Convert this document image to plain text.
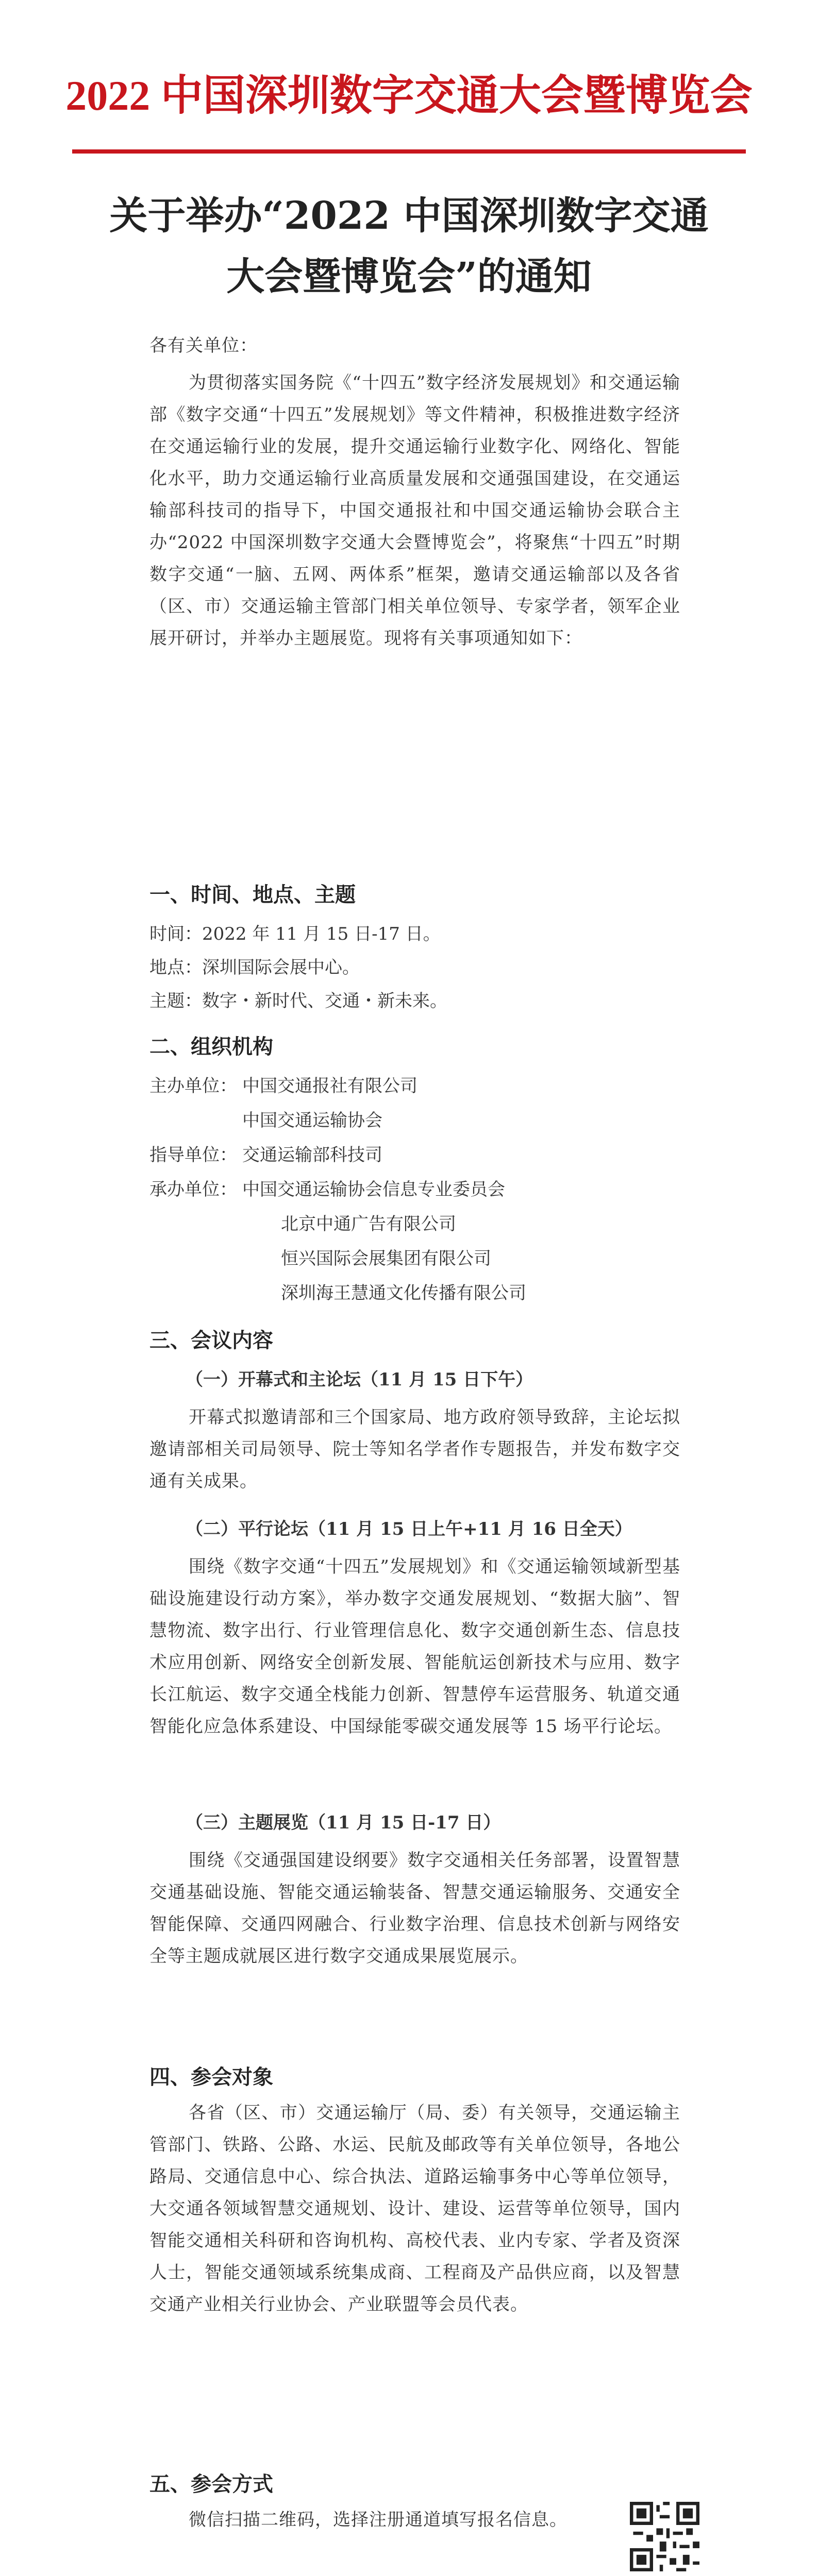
2022 中国深圳数字交通大会暨博览会
关于举办“2022 中国深圳数字交通
大会暨博览会”的通知
各有关单位：
为贯彻落实国务院《“十四五”数字经济发展规划》和交通运输部《数字交通“十四五”发展规划》等文件精神，积极推进数字经济在交通运输行业的发展，提升交通运输行业数字化、网络化、智能化水平，助力交通运输行业高质量发展和交通强国建设，在交通运输部科技司的指导下，中国交通报社和中国交通运输协会联合主办“2022 中国深圳数字交通大会暨博览会”，将聚焦“十四五”时期数字交通“一脑、五网、两体系”框架，邀请交通运输部以及各省（区、市）交通运输主管部门相关单位领导、专家学者，领军企业展开研讨，并举办主题展览。现将有关事项通知如下：
一、时间、地点、主题
时间：2022 年 11 月 15 日-17 日。
地点：深圳国际会展中心。
主题：数字・新时代、交通・新未来。
二、组织机构
主办单位： 中国交通报社有限公司
中国交通运输协会
指导单位： 交通运输部科技司
承办单位： 中国交通运输协会信息专业委员会
北京中通广告有限公司
恒兴国际会展集团有限公司
深圳海王慧通文化传播有限公司
三、会议内容
（一）开幕式和主论坛（11 月 15 日下午）
开幕式拟邀请部和三个国家局、地方政府领导致辞，主论坛拟邀请部相关司局领导、院士等知名学者作专题报告，并发布数字交通有关成果。
（二）平行论坛（11 月 15 日上午+11 月 16 日全天）
围绕《数字交通“十四五”发展规划》和《交通运输领域新型基础设施建设行动方案》，举办数字交通发展规划、“数据大脑”、智慧物流、数字出行、行业管理信息化、数字交通创新生态、信息技术应用创新、网络安全创新发展、智能航运创新技术与应用、数字长江航运、数字交通全栈能力创新、智慧停车运营服务、轨道交通智能化应急体系建设、中国绿能零碳交通发展等 15 场平行论坛。
（三）主题展览（11 月 15 日-17 日）
围绕《交通强国建设纲要》数字交通相关任务部署，设置智慧交通基础设施、智能交通运输装备、智慧交通运输服务、交通安全智能保障、交通四网融合、行业数字治理、信息技术创新与网络安全等主题成就展区进行数字交通成果展览展示。
四、参会对象
各省（区、市）交通运输厅（局、委）有关领导，交通运输主管部门、铁路、公路、水运、民航及邮政等有关单位领导，各地公路局、交通信息中心、综合执法、道路运输事务中心等单位领导，大交通各领域智慧交通规划、设计、建设、运营等单位领导，国内智能交通相关科研和咨询机构、高校代表、业内专家、学者及资深人士，智能交通领域系统集成商、工程商及产品供应商，以及智慧交通产业相关行业协会、产业联盟等会员代表。
五、参会方式
微信扫描二维码，选择注册通道填写报名信息。
